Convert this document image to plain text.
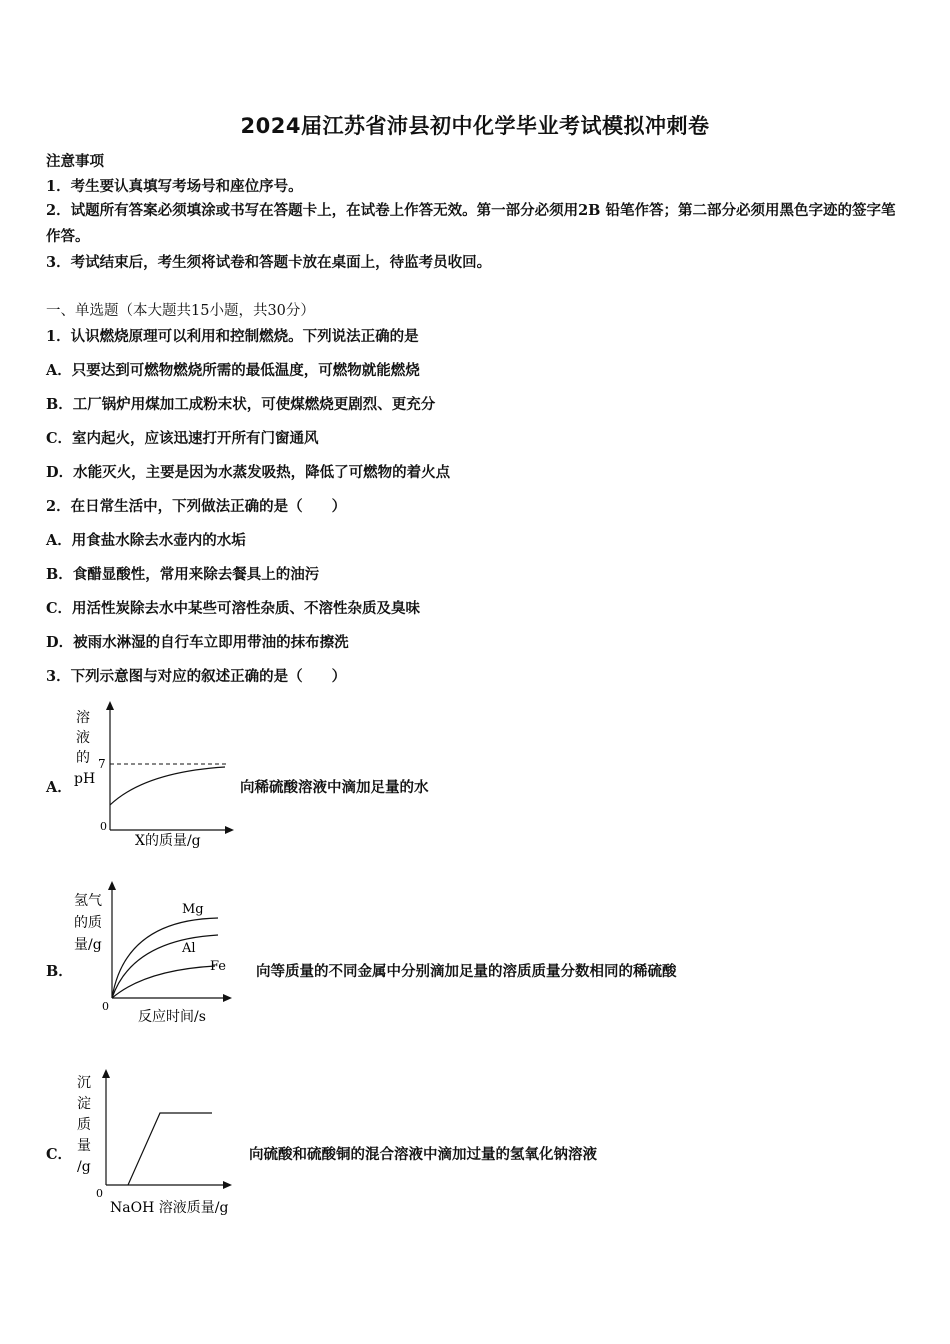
2024届江苏省沛县初中化学毕业考试模拟冲刺卷
注意事项
1．考生要认真填写考场号和座位序号。
2．试题所有答案必须填涂或书写在答题卡上，在试卷上作答无效。第一部分必须用2B 铅笔作答；第二部分必须用黑色字迹的签字笔作答。
3．考试结束后，考生须将试卷和答题卡放在桌面上，待监考员收回。
一、单选题（本大题共15小题，共30分）
1．认识燃烧原理可以利用和控制燃烧。下列说法正确的是
A．只要达到可燃物燃烧所需的最低温度，可燃物就能燃烧
B．工厂锅炉用煤加工成粉末状，可使煤燃烧更剧烈、更充分
C．室内起火，应该迅速打开所有门窗通风
D．水能灭火，主要是因为水蒸发吸热，降低了可燃物的着火点
2．在日常生活中，下列做法正确的是（　　）
A．用食盐水除去水壶内的水垢
B．食醋显酸性，常用来除去餐具上的油污
C．用活性炭除去水中某些可溶性杂质、不溶性杂质及臭味
D．被雨水淋湿的自行车立即用带油的抹布擦洗
3．下列示意图与对应的叙述正确的是（　　）
A．
溶
液
的
pH
7
0
X的质量/g
向稀硫酸溶液中滴加足量的水
B．
Mg
Al
Fe
氢气
的质
量/g
0
反应时间/s
向等质量的不同金属中分别滴加足量的溶质质量分数相同的稀硫酸
C．
沉
淀
质
量
/g
0
NaOH 溶液质量/g
向硫酸和硫酸铜的混合溶液中滴加过量的氢氧化钠溶液
